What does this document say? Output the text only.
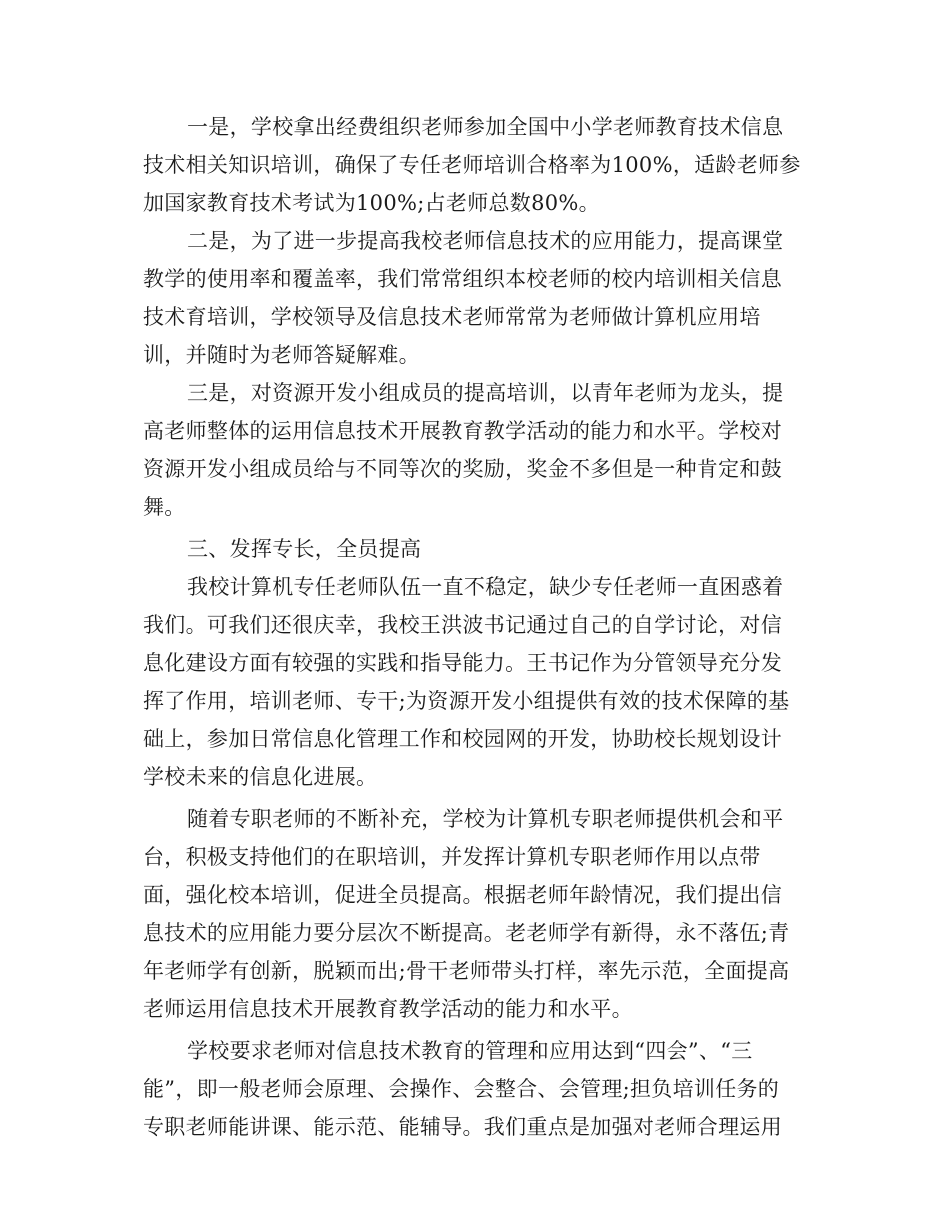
一是，学校拿出经费组织老师参加全国中小学老师教育技术信息
技术相关知识培训，确保了专任老师培训合格率为100%，适龄老师参
加国家教育技术考试为100%;占老师总数80%。
二是，为了进一步提高我校老师信息技术的应用能力，提高课堂
教学的使用率和覆盖率，我们常常组织本校老师的校内培训相关信息
技术育培训，学校领导及信息技术老师常常为老师做计算机应用培
训，并随时为老师答疑解难。
三是，对资源开发小组成员的提高培训，以青年老师为龙头，提
高老师整体的运用信息技术开展教育教学活动的能力和水平。学校对
资源开发小组成员给与不同等次的奖励，奖金不多但是一种肯定和鼓
舞。
三、发挥专长，全员提高
我校计算机专任老师队伍一直不稳定，缺少专任老师一直困惑着
我们。可我们还很庆幸，我校王洪波书记通过自己的自学讨论，对信
息化建设方面有较强的实践和指导能力。王书记作为分管领导充分发
挥了作用，培训老师、专干;为资源开发小组提供有效的技术保障的基
础上，参加日常信息化管理工作和校园网的开发，协助校长规划设计
学校未来的信息化进展。
随着专职老师的不断补充，学校为计算机专职老师提供机会和平
台，积极支持他们的在职培训，并发挥计算机专职老师作用以点带
面，强化校本培训，促进全员提高。根据老师年龄情况，我们提出信
息技术的应用能力要分层次不断提高。老老师学有新得，永不落伍;青
年老师学有创新，脱颖而出;骨干老师带头打样，率先示范，全面提高
老师运用信息技术开展教育教学活动的能力和水平。
学校要求老师对信息技术教育的管理和应用达到“四会”、“三
能”，即一般老师会原理、会操作、会整合、会管理;担负培训任务的
专职老师能讲课、能示范、能辅导。我们重点是加强对老师合理运用
